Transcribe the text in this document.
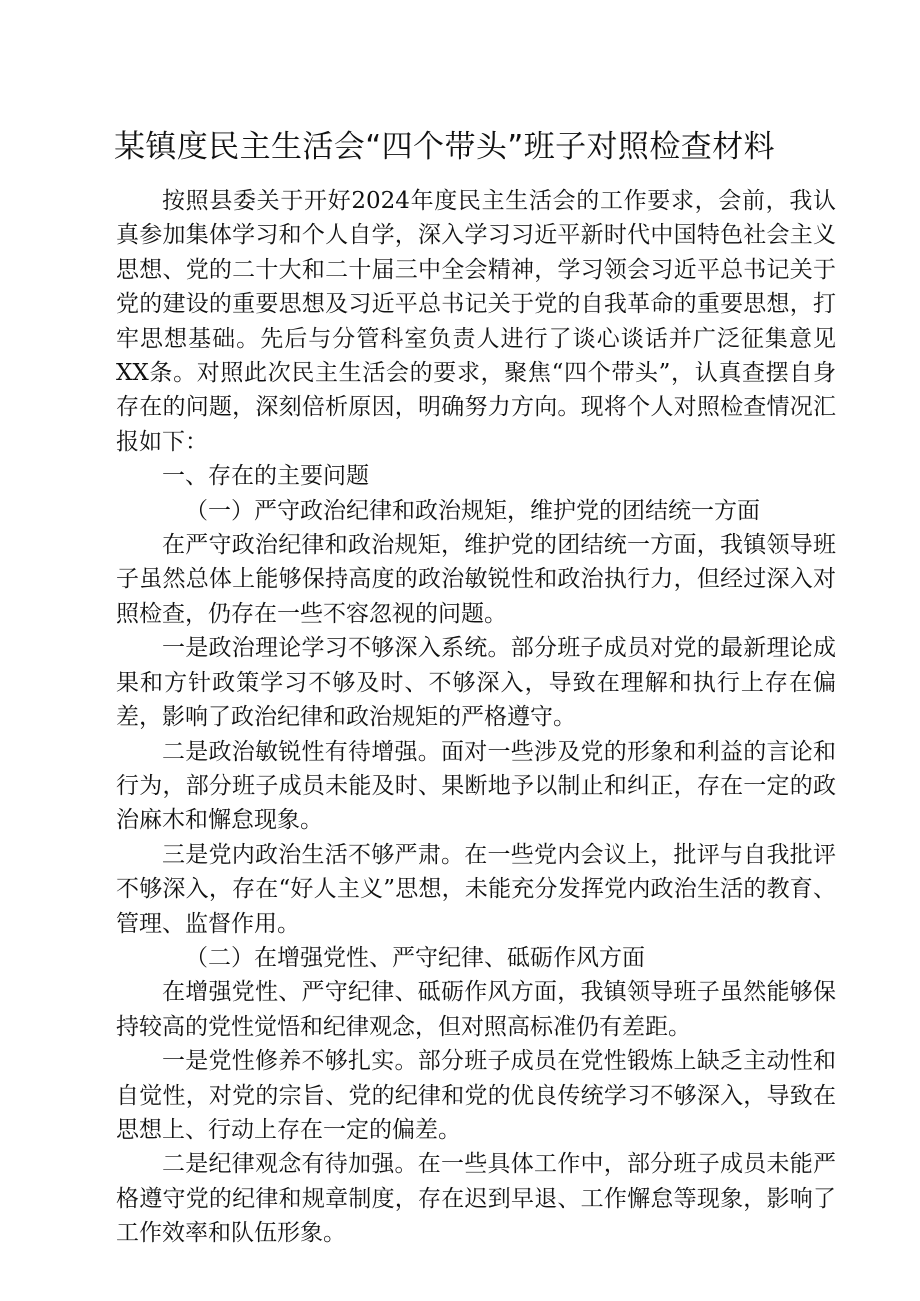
某镇度民主生活会“四个带头”班子对照检查材料

按照县委关于开好2024年度民主生活会的工作要求，会前，我认真参加集体学习和个人自学，深入学习习近平新时代中国特色社会主义思想、党的二十大和二十届三中全会精神，学习领会习近平总书记关于党的建设的重要思想及习近平总书记关于党的自我革命的重要思想，打牢思想基础。先后与分管科室负责人进行了谈心谈话并广泛征集意见XX条。对照此次民主生活会的要求，聚焦“四个带头”，认真查摆自身存在的问题，深刻倍析原因，明确努力方向。现将个人对照检查情况汇报如下：

一、存在的主要问题

（一）严守政治纪律和政治规矩，维护党的团结统一方面

在严守政治纪律和政治规矩，维护党的团结统一方面，我镇领导班子虽然总体上能够保持高度的政治敏锐性和政治执行力，但经过深入对照检查，仍存在一些不容忽视的问题。

一是政治理论学习不够深入系统。部分班子成员对党的最新理论成果和方针政策学习不够及时、不够深入，导致在理解和执行上存在偏差，影响了政治纪律和政治规矩的严格遵守。

二是政治敏锐性有待增强。面对一些涉及党的形象和利益的言论和行为，部分班子成员未能及时、果断地予以制止和纠正，存在一定的政治麻木和懈怠现象。

三是党内政治生活不够严肃。在一些党内会议上，批评与自我批评不够深入，存在“好人主义”思想，未能充分发挥党内政治生活的教育、管理、监督作用。

（二）在增强党性、严守纪律、砥砺作风方面

在增强党性、严守纪律、砥砺作风方面，我镇领导班子虽然能够保持较高的党性觉悟和纪律观念，但对照高标准仍有差距。

一是党性修养不够扎实。部分班子成员在党性锻炼上缺乏主动性和自觉性，对党的宗旨、党的纪律和党的优良传统学习不够深入，导致在思想上、行动上存在一定的偏差。

二是纪律观念有待加强。在一些具体工作中，部分班子成员未能严格遵守党的纪律和规章制度，存在迟到早退、工作懈怠等现象，影响了工作效率和队伍形象。
